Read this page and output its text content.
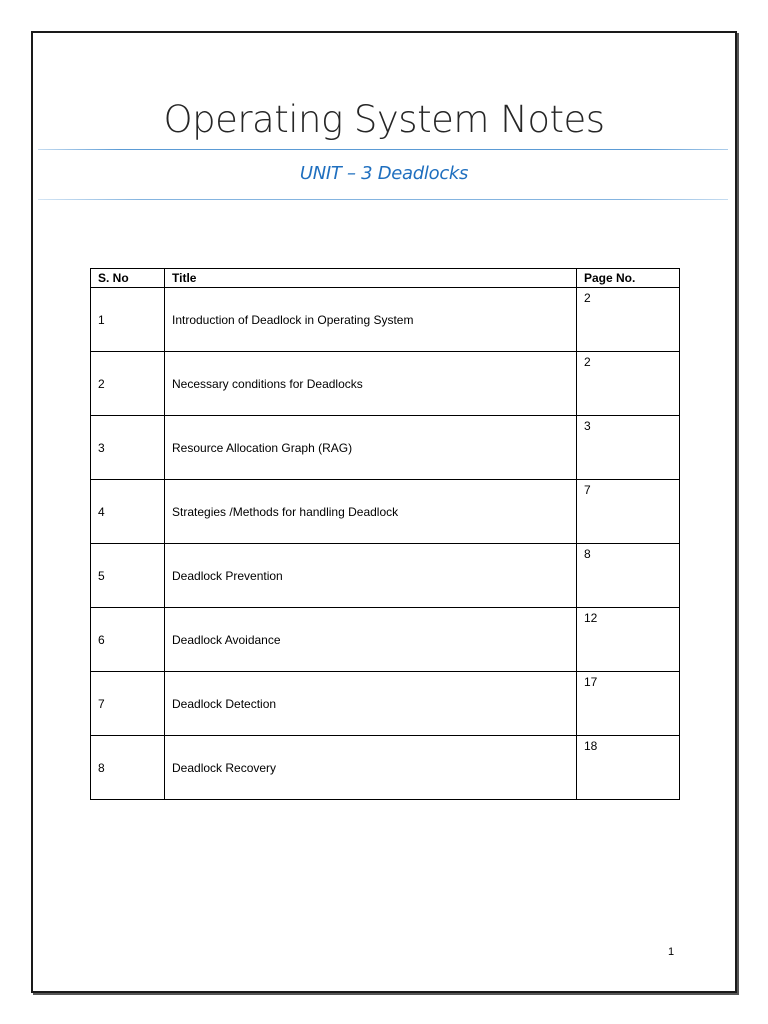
Operating System Notes
UNIT – 3 Deadlocks
S. No	Title	Page No.

1	Introduction of Deadlock in Operating System	2

2	Necessary conditions for Deadlocks	2

3	Resource Allocation Graph (RAG)	3

4	Strategies /Methods for handling Deadlock	7

5	Deadlock Prevention	8

6	Deadlock Avoidance	12

7	Deadlock Detection	17

8	Deadlock Recovery	18
1
